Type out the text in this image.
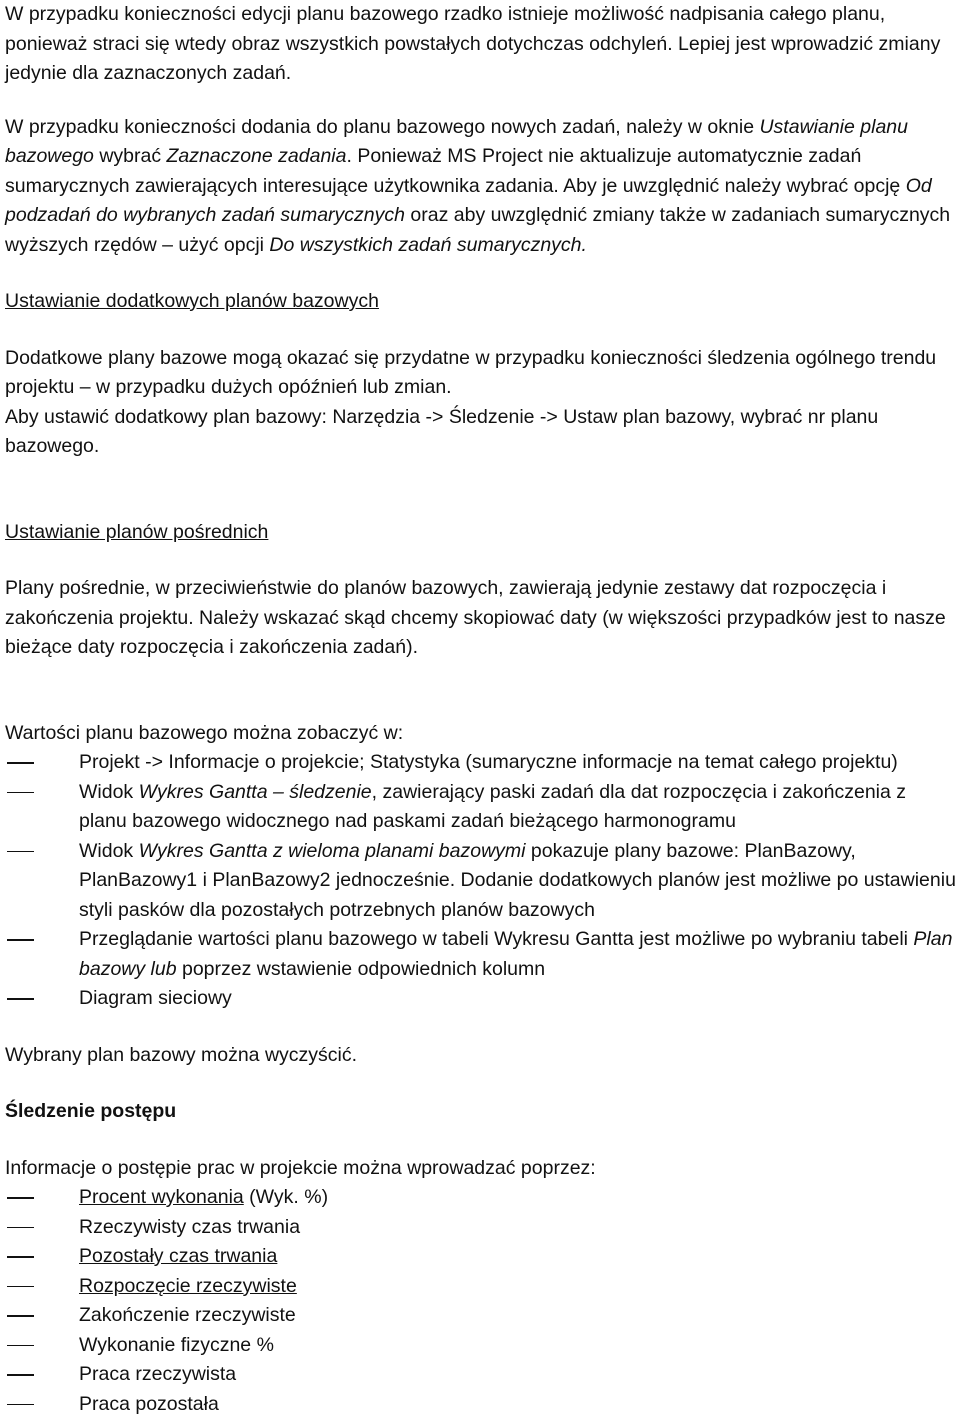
W przypadku konieczności edycji planu bazowego rzadko istnieje możliwość nadpisania całego planu, ponieważ straci się wtedy obraz wszystkich powstałych dotychczas odchyleń. Lepiej jest wprowadzić zmiany jedynie dla zaznaczonych zadań.

W przypadku konieczności dodania do planu bazowego nowych zadań, należy w oknie Ustawianie planu bazowego wybrać Zaznaczone zadania. Ponieważ MS Project nie aktualizuje automatycznie zadań sumarycznych zawierających interesujące użytkownika zadania. Aby je uwzględnić należy wybrać opcję Od podzadań do wybranych zadań sumarycznych oraz aby uwzględnić zmiany także w zadaniach sumarycznych wyższych rzędów – użyć opcji Do wszystkich zadań sumarycznych.

Ustawianie dodatkowych planów bazowych

Dodatkowe plany bazowe mogą okazać się przydatne w przypadku konieczności śledzenia ogólnego trendu projektu – w przypadku dużych opóźnień lub zmian.

Aby ustawić dodatkowy plan bazowy: Narzędzia -> Śledzenie -> Ustaw plan bazowy, wybrać nr planu bazowego.

Ustawianie planów pośrednich

Plany pośrednie, w przeciwieństwie do planów bazowych, zawierają jedynie zestawy dat rozpoczęcia i zakończenia projektu. Należy wskazać skąd chcemy skopiować daty (w większości przypadków jest to nasze bieżące daty rozpoczęcia i zakończenia zadań).

Wartości planu bazowego można zobaczyć w:

Projekt -> Informacje o projekcie; Statystyka (sumaryczne informacje na temat całego projektu)
Widok Wykres Gantta – śledzenie, zawierający paski zadań dla dat rozpoczęcia i zakończenia z planu bazowego widocznego nad paskami zadań bieżącego harmonogramu
Widok Wykres Gantta z wieloma planami bazowymi pokazuje plany bazowe: PlanBazowy, PlanBazowy1 i PlanBazowy2 jednocześnie. Dodanie dodatkowych planów jest możliwe po ustawieniu styli pasków dla pozostałych potrzebnych planów bazowych
Przeglądanie wartości planu bazowego w tabeli Wykresu Gantta jest możliwe po wybraniu tabeli Plan bazowy lub poprzez wstawienie odpowiednich kolumn
Diagram sieciowy

Wybrany plan bazowy można wyczyścić.

Śledzenie postępu

Informacje o postępie prac w projekcie można wprowadzać poprzez:

Procent wykonania (Wyk. %)
Rzeczywisty czas trwania
Pozostały czas trwania
Rozpoczęcie rzeczywiste
Zakończenie rzeczywiste
Wykonanie fizyczne %
Praca rzeczywista
Praca pozostała
